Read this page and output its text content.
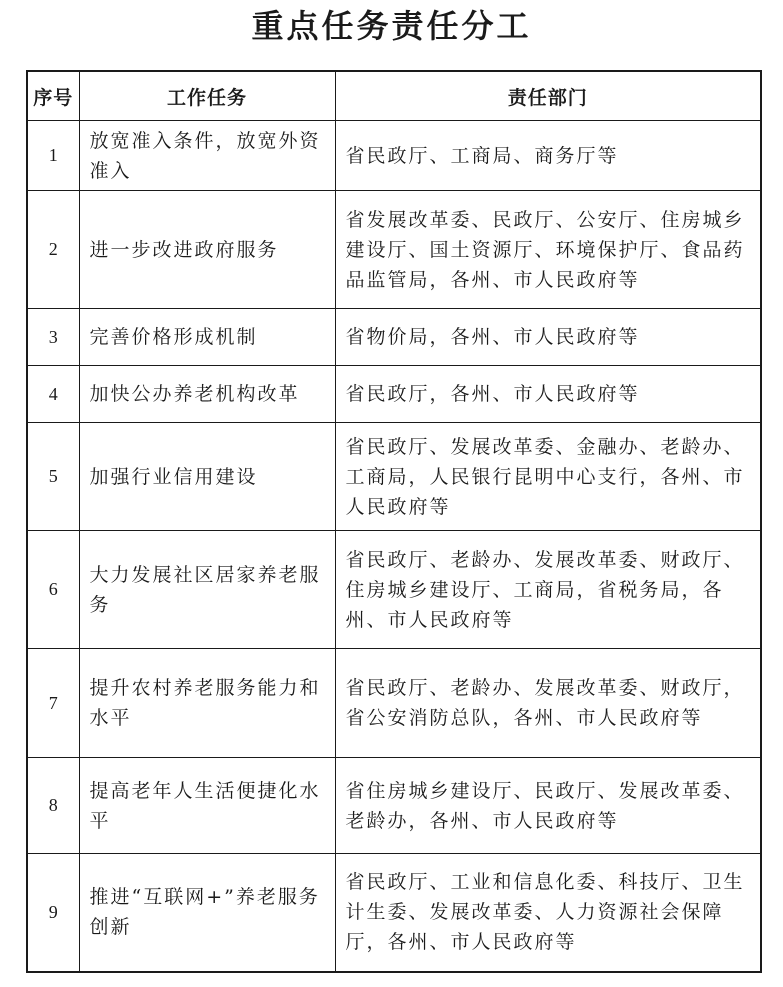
重点任务责任分工
序号	工作任务	责任部门
1	放宽准入条件，放宽外资准入	省民政厅、工商局、商务厅等
2	进一步改进政府服务	省发展改革委、民政厅、公安厅、住房城乡建设厅、国土资源厅、环境保护厅、食品药品监管局，各州、市人民政府等
3	完善价格形成机制	省物价局，各州、市人民政府等
4	加快公办养老机构改革	省民政厅，各州、市人民政府等
5	加强行业信用建设	省民政厅、发展改革委、金融办、老龄办、工商局，人民银行昆明中心支行，各州、市人民政府等
6	大力发展社区居家养老服务	省民政厅、老龄办、发展改革委、财政厅、住房城乡建设厅、工商局，省税务局，各州、市人民政府等
7	提升农村养老服务能力和水平	省民政厅、老龄办、发展改革委、财政厅，省公安消防总队，各州、市人民政府等
8	提高老年人生活便捷化水平	省住房城乡建设厅、民政厅、发展改革委、老龄办，各州、市人民政府等
9	推进“互联网+”养老服务创新	省民政厅、工业和信息化委、科技厅、卫生计生委、发展改革委、人力资源社会保障厅，各州、市人民政府等
